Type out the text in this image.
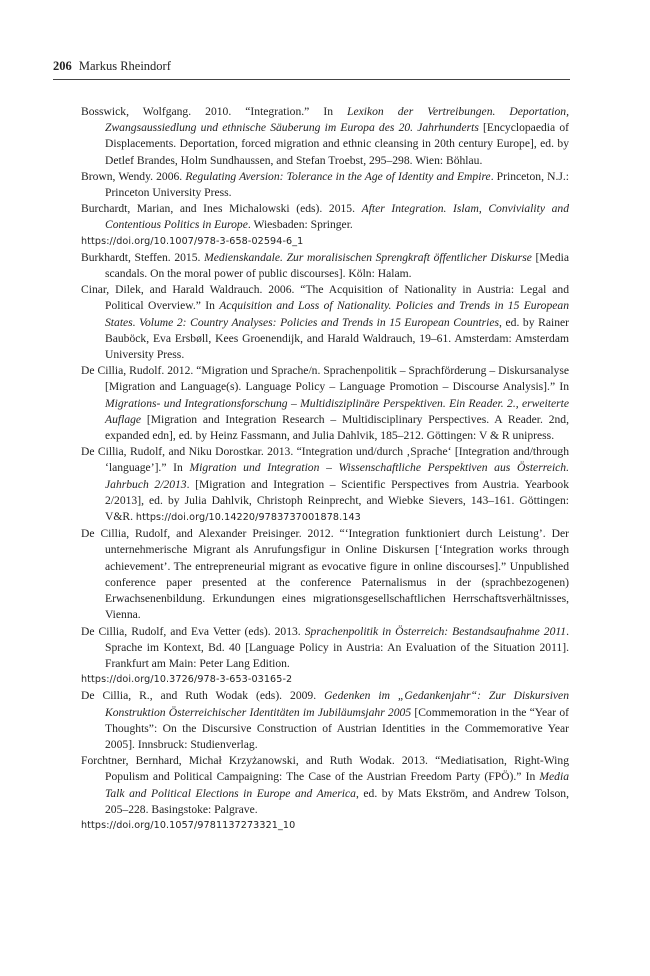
206 Markus Rheindorf

Bosswick, Wolfgang. 2010. “Integration.” In Lexikon der Vertreibungen. Deportation, Zwangsaussiedlung und ethnische Säuberung im Europa des 20. Jahrhunderts [Encyclopaedia of Displacements. Deportation, forced migration and ethnic cleansing in 20th century Europe], ed. by Detlef Brandes, Holm Sundhaussen, and Stefan Troebst, 295–298. Wien: Böhlau.

Brown, Wendy. 2006. Regulating Aversion: Tolerance in the Age of Identity and Empire. Princeton, N.J.: Princeton University Press.

Burchardt, Marian, and Ines Michalowski (eds). 2015. After Integration. Islam, Conviviality and Contentious Politics in Europe. Wiesbaden: Springer.
https://doi.org/10.1007/978-3-658-02594-6_1

Burkhardt, Steffen. 2015. Medienskandale. Zur moralisischen Sprengkraft öffentlicher Diskurse [Media scandals. On the moral power of public discourses]. Köln: Halam.

Cinar, Dilek, and Harald Waldrauch. 2006. “The Acquisition of Nationality in Austria: Legal and Political Overview.” In Acquisition and Loss of Nationality. Policies and Trends in 15 European States. Volume 2: Country Analyses: Policies and Trends in 15 European Countries, ed. by Rainer Bauböck, Eva Ersbøll, Kees Groenendijk, and Harald Waldrauch, 19–61. Amsterdam: Amsterdam University Press.

De Cillia, Rudolf. 2012. “Migration und Sprache/n. Sprachenpolitik – Sprachförderung – Diskursanalyse [Migration and Language(s). Language Policy – Language Promotion – Discourse Analysis].” In Migrations- und Integrationsforschung – Multidisziplinäre Perspektiven. Ein Reader. 2., erweiterte Auflage [Migration and Integration Research – Multidisciplinary Perspectives. A Reader. 2nd, expanded edn], ed. by Heinz Fassmann, and Julia Dahlvik, 185–212. Göttingen: V & R unipress.

De Cillia, Rudolf, and Niku Dorostkar. 2013. “Integration und/durch ‚Sprache‘ [Integration and/through ‘language’].” In Migration und Integration – Wissenschaftliche Perspektiven aus Österreich. Jahrbuch 2/2013. [Migration and Integration – Scientific Perspectives from Austria. Yearbook 2/2013], ed. by Julia Dahlvik, Christoph Reinprecht, and Wiebke Sievers, 143–161. Göttingen: V&R. https://doi.org/10.14220/9783737001878.143

De Cillia, Rudolf, and Alexander Preisinger. 2012. “‘Integration funktioniert durch Leistung’. Der unternehmerische Migrant als Anrufungsfigur in Online Diskursen [‘Integration works through achievement’. The entrepreneurial migrant as evocative figure in online discourses].” Unpublished conference paper presented at the conference Paternalismus in der (sprachbezogenen) Erwachsenenbildung. Erkundungen eines migrationsgesellschaftlichen Herrschaftsverhältnisses, Vienna.

De Cillia, Rudolf, and Eva Vetter (eds). 2013. Sprachenpolitik in Österreich: Bestandsaufnahme 2011. Sprache im Kontext, Bd. 40 [Language Policy in Austria: An Evaluation of the Situation 2011]. Frankfurt am Main: Peter Lang Edition.
https://doi.org/10.3726/978-3-653-03165-2

De Cillia, R., and Ruth Wodak (eds). 2009. Gedenken im „Gedankenjahr“: Zur Diskursiven Konstruktion Österreichischer Identitäten im Jubiläumsjahr 2005 [Commemoration in the “Year of Thoughts”: On the Discursive Construction of Austrian Identities in the Commemorative Year 2005]. Innsbruck: Studienverlag.

Forchtner, Bernhard, Michał Krzyżanowski, and Ruth Wodak. 2013. “Mediatisation, Right-Wing Populism and Political Campaigning: The Case of the Austrian Freedom Party (FPÖ).” In Media Talk and Political Elections in Europe and America, ed. by Mats Ekström, and Andrew Tolson, 205–228. Basingstoke: Palgrave.
https://doi.org/10.1057/9781137273321_10
